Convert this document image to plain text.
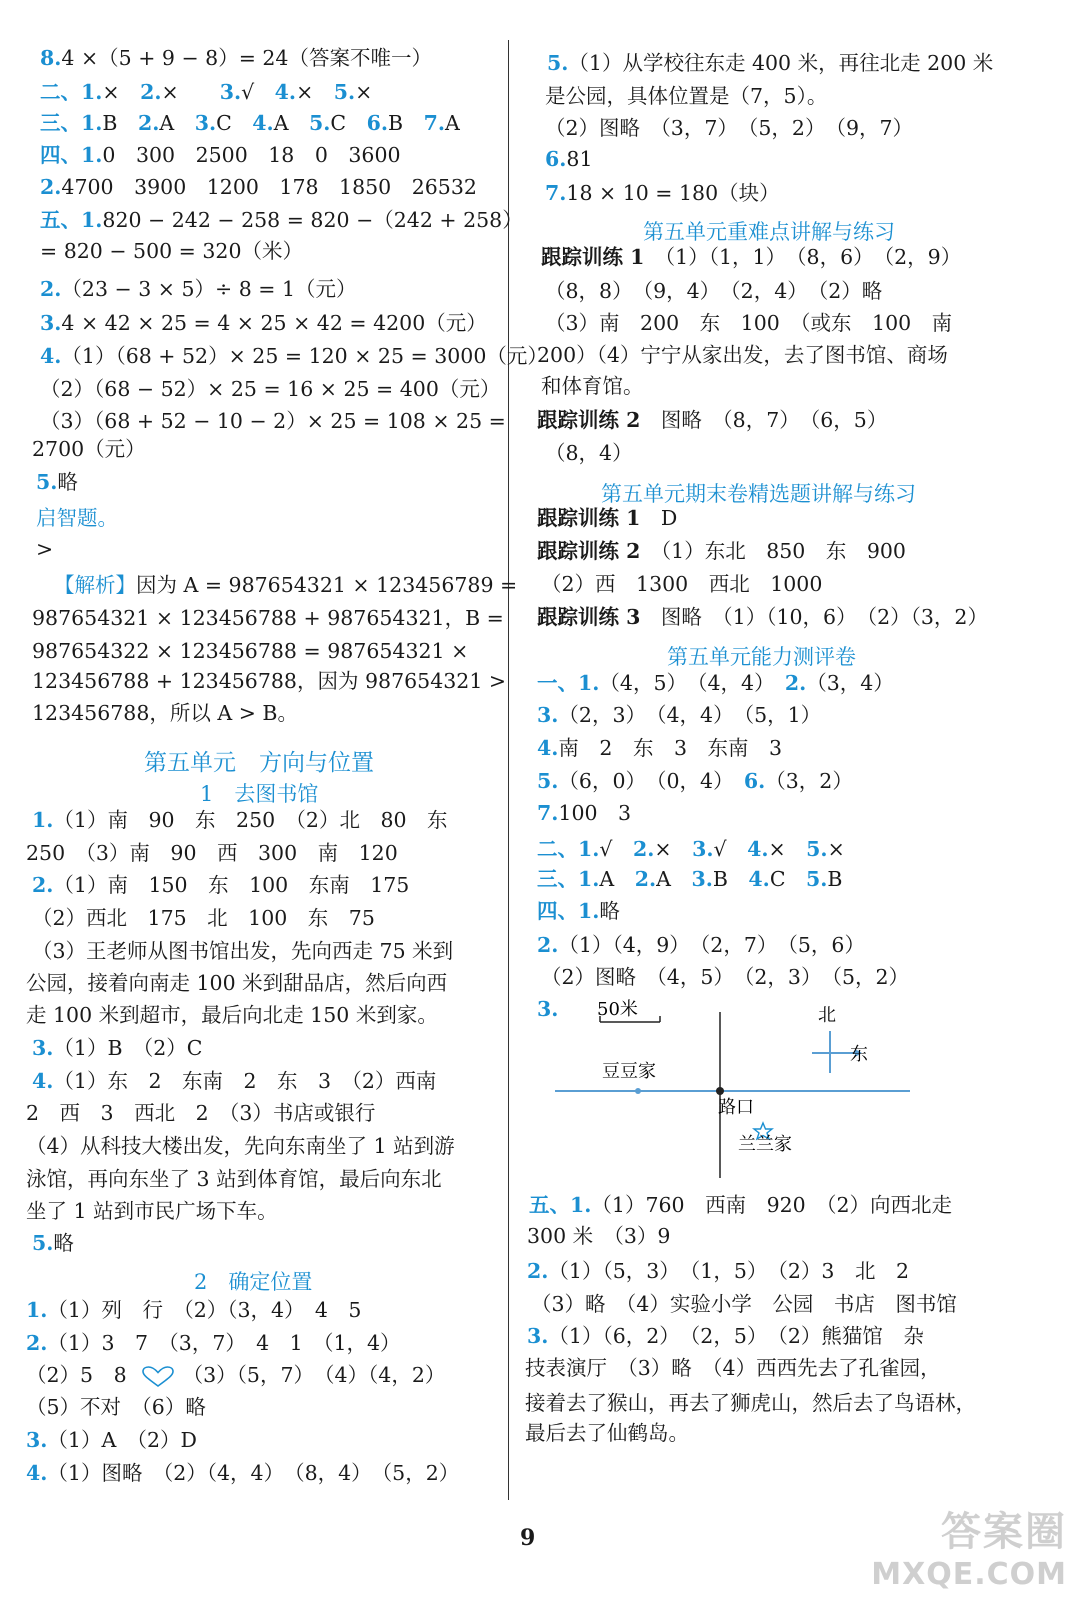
8.4 ×（5 + 9 − 8）= 24（答案不唯一）
二、1.×　2.×　　3.√　4.×　5.×
三、1.B　2.A　3.C　4.A　5.C　6.B　7.A
四、1.0　300　2500　18　0　3600
2.4700　3900　1200　178　1850　26532
五、1.820 − 242 − 258 = 820 −（242 + 258）
= 820 − 500 = 320（米）
2.（23 − 3 × 5）÷ 8 = 1（元）
3.4 × 42 × 25 = 4 × 25 × 42 = 4200（元）
4.（1）（68 + 52）× 25 = 120 × 25 = 3000（元）
（2）（68 − 52）× 25 = 16 × 25 = 400（元）
（3）（68 + 52 − 10 − 2）× 25 = 108 × 25 =
2700（元）
5.略
启智题。
>
【解析】因为 A = 987654321 × 123456789 =
987654321 × 123456788 + 987654321，B =
987654322 × 123456788 = 987654321 ×
123456788 + 123456788，因为 987654321 >
123456788，所以 A > B。
第五单元　方向与位置
1　去图书馆
1.（1）南　90　东　250　（2）北　80　东
250　（3）南　90　西　300　南　120
2.（1）南　150　东　100　东南　175
（2）西北　175　北　100　东　75
（3）王老师从图书馆出发，先向西走 75 米到
公园，接着向南走 100 米到甜品店，然后向西
走 100 米到超市，最后向北走 150 米到家。
3.（1）B　（2）C
4.（1）东　2　东南　2　东　3　（2）西南
2　西　3　西北　2　（3）书店或银行
（4）从科技大楼出发，先向东南坐了 1 站到游
泳馆，再向东坐了 3 站到体育馆，最后向东北
坐了 1 站到市民广场下车。
5.略
2　确定位置
1.（1）列　行　（2）（3，4）　4　5
2.（1）3　7　（3，7）　4　1　（1，4）
（2）5　8	（3）（5，7）　（4）（4，2）
（5）不对　（6）略
3.（1）A　（2）D
4.（1）图略　（2）（4，4）　（8，4）　（5，2）
5.（1）从学校往东走 400 米，再往北走 200 米
是公园，具体位置是（7，5）。
（2）图略　（3，7）　（5，2）　（9，7）
6.81
7.18 × 10 = 180（块）
第五单元重难点讲解与练习
跟踪训练 1　 （1）（1，1）　（8，6）　（2，9）
（8，8）　（9，4）　（2，4）　（2）略
（3）南　200　东　100　（或东　100　南
200）（4）宁宁从家出发，去了图书馆、商场
和体育馆。
跟踪训练 2　 图略　（8，7）　（6，5）
（8，4）
第五单元期末卷精选题讲解与练习
跟踪训练 1　 D
跟踪训练 2　 （1）东北　850　东　900
（2）西　1300　西北　1000
跟踪训练 3　 图略　（1）（10，6）　（2）（3，2）
第五单元能力测评卷
一、1.（4，5）　（4，4）　2.（3，4）
3.（2，3）　（4，4）　（5，1）
4.南　2　东　3　东南　3
5.（6，0）　（0，4）　6.（3，2）
7.100　3
二、1.√　2.×　3.√　4.×　5.×
三、1.A　2.A　3.B　4.C　5.B
四、1.略
2.（1）（4，9）　（2，7）　（5，6）
（2）图略　（4，5）　（2，3）　（5，2）
3. 50米
豆豆家
路口
兰兰家
北
东
五、1.（1）760　西南　920　（2）向西北走
300 米　（3）9
2.（1）（5，3）　（1，5）　（2）3　北　2
（3）略　（4）实验小学　公园　书店　图书馆
3.（1）（6，2）　（2，5）　（2）熊猫馆　杂
技表演厅　（3）略　（4）西西先去了孔雀园，
接着去了猴山，再去了狮虎山，然后去了鸟语林，
最后去了仙鹤岛。
9	答案圈
MXQE.COM
